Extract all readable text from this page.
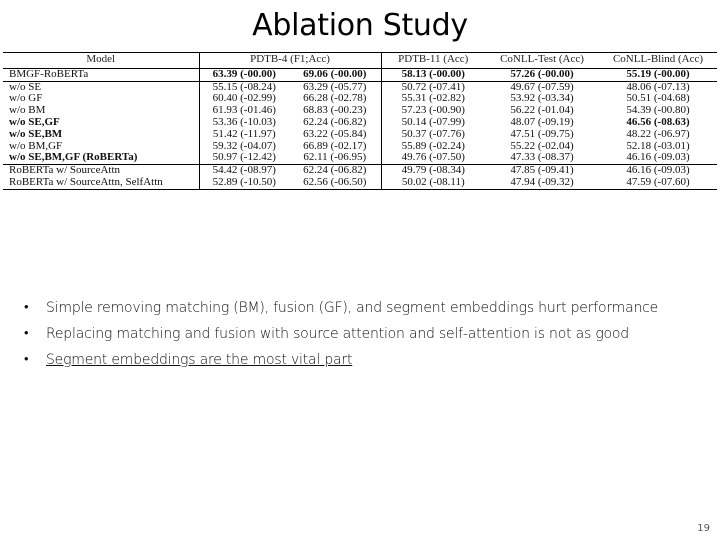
Ablation Study
Model	PDTB-4 (F1;Acc)		PDTB-11 (Acc)	CoNLL-Test (Acc)	CoNLL-Blind (Acc)
BMGF-RoBERTa	63.39 (-00.00)	69.06 (-00.00)	58.13 (-00.00)	57.26 (-00.00)	55.19 (-00.00)
w/o SE	55.15 (-08.24)	63.29 (-05.77)	50.72 (-07.41)	49.67 (-07.59)	48.06 (-07.13)
w/o GF	60.40 (-02.99)	66.28 (-02.78)	55.31 (-02.82)	53.92 (-03.34)	50.51 (-04.68)
w/o BM	61.93 (-01.46)	68.83 (-00.23)	57.23 (-00.90)	56.22 (-01.04)	54.39 (-00.80)
w/o SE,GF	53.36 (-10.03)	62.24 (-06.82)	50.14 (-07.99)	48.07 (-09.19)	46.56 (-08.63)
w/o SE,BM	51.42 (-11.97)	63.22 (-05.84)	50.37 (-07.76)	47.51 (-09.75)	48.22 (-06.97)
w/o BM,GF	59.32 (-04.07)	66.89 (-02.17)	55.89 (-02.24)	55.22 (-02.04)	52.18 (-03.01)
w/o SE,BM,GF (RoBERTa)	50.97 (-12.42)	62.11 (-06.95)	49.76 (-07.50)	47.33 (-08.37)	46.16 (-09.03)
RoBERTa w/ SourceAttn	54.42 (-08.97)	62.24 (-06.82)	49.79 (-08.34)	47.85 (-09.41)	46.16 (-09.03)
RoBERTa w/ SourceAttn, SelfAttn	52.89 (-10.50)	62.56 (-06.50)	50.02 (-08.11)	47.94 (-09.32)	47.59 (-07.60)
•	Simple removing matching (BM), fusion (GF), and segment embeddings hurt performance
•	Replacing matching and fusion with source attention and self-attention is not as good
•	Segment embeddings are the most vital part
19
